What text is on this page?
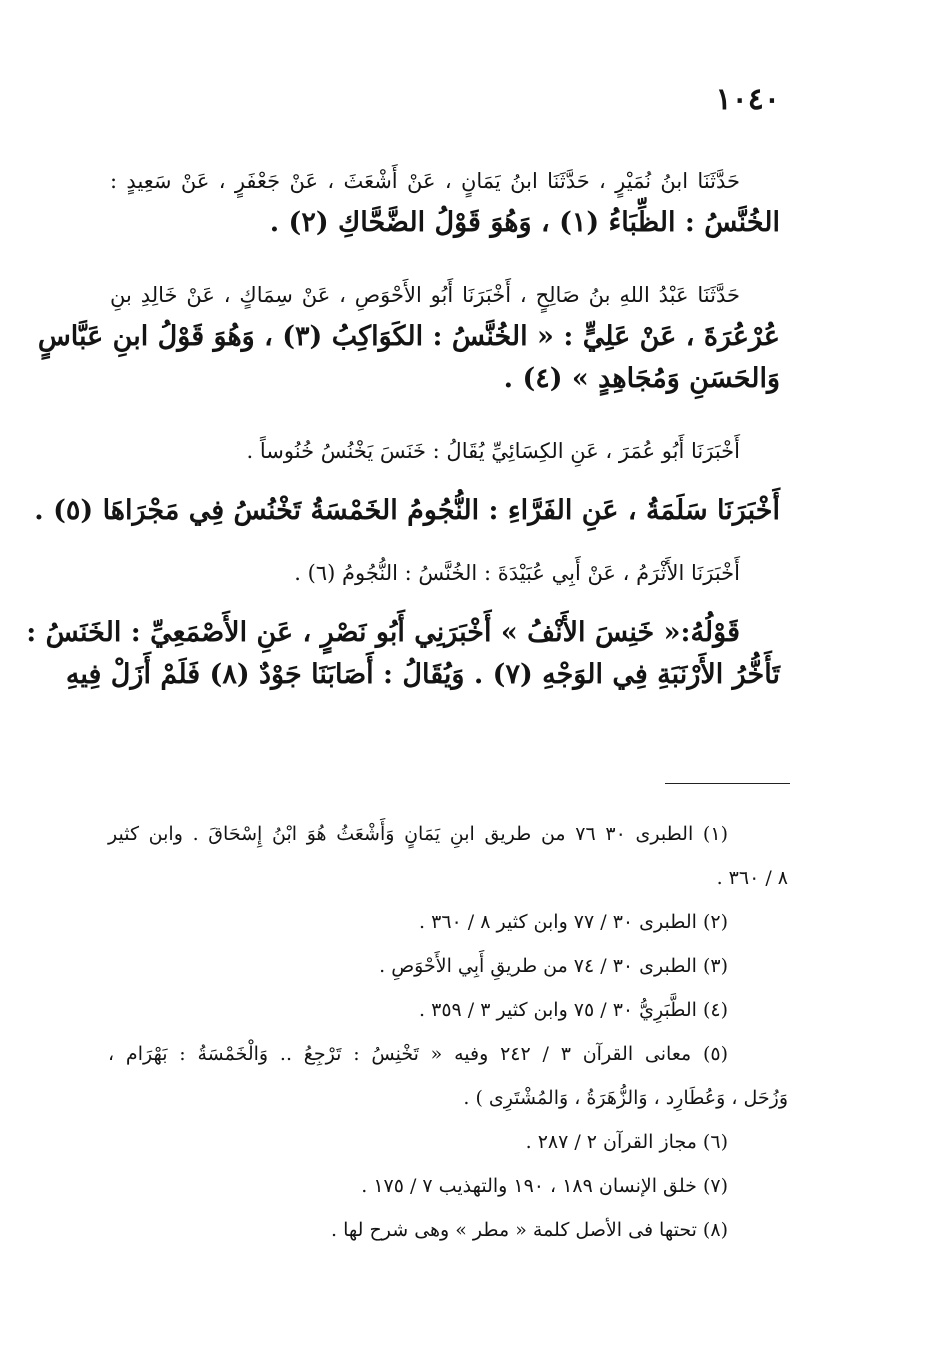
١٠٤٠

حَدَّثَنَا ابنُ نُمَيْرٍ ، حَدَّثَنَا ابنُ يَمَانٍ ، عَنْ أَشْعَثَ ، عَنْ جَعْفَرٍ ، عَنْ سَعِيدٍ :
الخُنَّسُ : الظِّبَاءُ (١) ، وَهُوَ قَوْلُ الضَّحَّاكِ (٢) .

حَدَّثَنَا عَبْدُ اللهِ بنُ صَالِحٍ ، أَخْبَرَنَا أَبُو الأَحْوَصِ ، عَنْ سِمَاكٍ ، عَنْ خَالِدِ بنِ
عُرْعُرَةَ ، عَنْ عَلِيٍّ : « الخُنَّسُ : الكَوَاكِبُ (٣) ، وَهُوَ قَوْلُ ابنِ عَبَّاسٍ
وَالحَسَنِ وَمُجَاهِدٍ » (٤) .

أَخْبَرَنَا أَبُو عُمَرَ ، عَنِ الكِسَائِيِّ يُقَالُ : خَنَسَ يَخْنُسُ خُنُوساً .

أَخْبَرَنَا سَلَمَةُ ، عَنِ الفَرَّاءِ : النُّجُومُ الخَمْسَةُ تَخْنُسُ فِي مَجْرَاهَا (٥) .

أَخْبَرَنَا الأَثْرَمُ ، عَنْ أَبِي عُبَيْدَةَ : الخُنَّسُ : النُّجُومُ (٦) .

قَوْلُهُ:« خَنِسَ الأَنْفُ » أَخْبَرَنِي أَبُو نَصْرٍ ، عَنِ الأَصْمَعِيِّ : الخَنَسُ :
تَأَخُّرُ الأَرْنَبَةِ فِي الوَجْهِ (٧) . وَيُقَالُ : أَصَابَنَا جَوْدٌ (٨) فَلَمْ أَزَلْ فِيهِ

(١) الطبرى ٣٠ ٧٦ من طريق ابنِ يَمَانٍ وَأَشْعَثُ هُوَ ابْنُ إِسْحَاقَ . وابن كثير
٨ / ٣٦٠ .

(٢) الطبرى ٣٠ / ٧٧ وابن كثير ٨ / ٣٦٠ .

(٣) الطبرى ٣٠ / ٧٤ من طريقِ أَبِي الأَحْوَصِ .

(٤) الطَّبَرِيُّ ٣٠ / ٧٥ وابن كثير ٣ / ٣٥٩ .

(٥) معانى القرآن ٣ / ٢٤٢ وفيه « تَخْنِسُ : تَرْجِعُ .. وَالْخَمْسَةُ : بَهْرَام ،
وَزُحَل ، وَعُطَارِد ، وَالزُّهَرَةُ ، وَالمُشْتَرِى ) .

(٦) مجاز القرآن ٢ / ٢٨٧ .

(٧) خلق الإنسان ١٨٩ ، ١٩٠ والتهذيب ٧ / ١٧٥ .

(٨) تحتها فى الأصل كلمة « مطر » وهى شرح لها .
